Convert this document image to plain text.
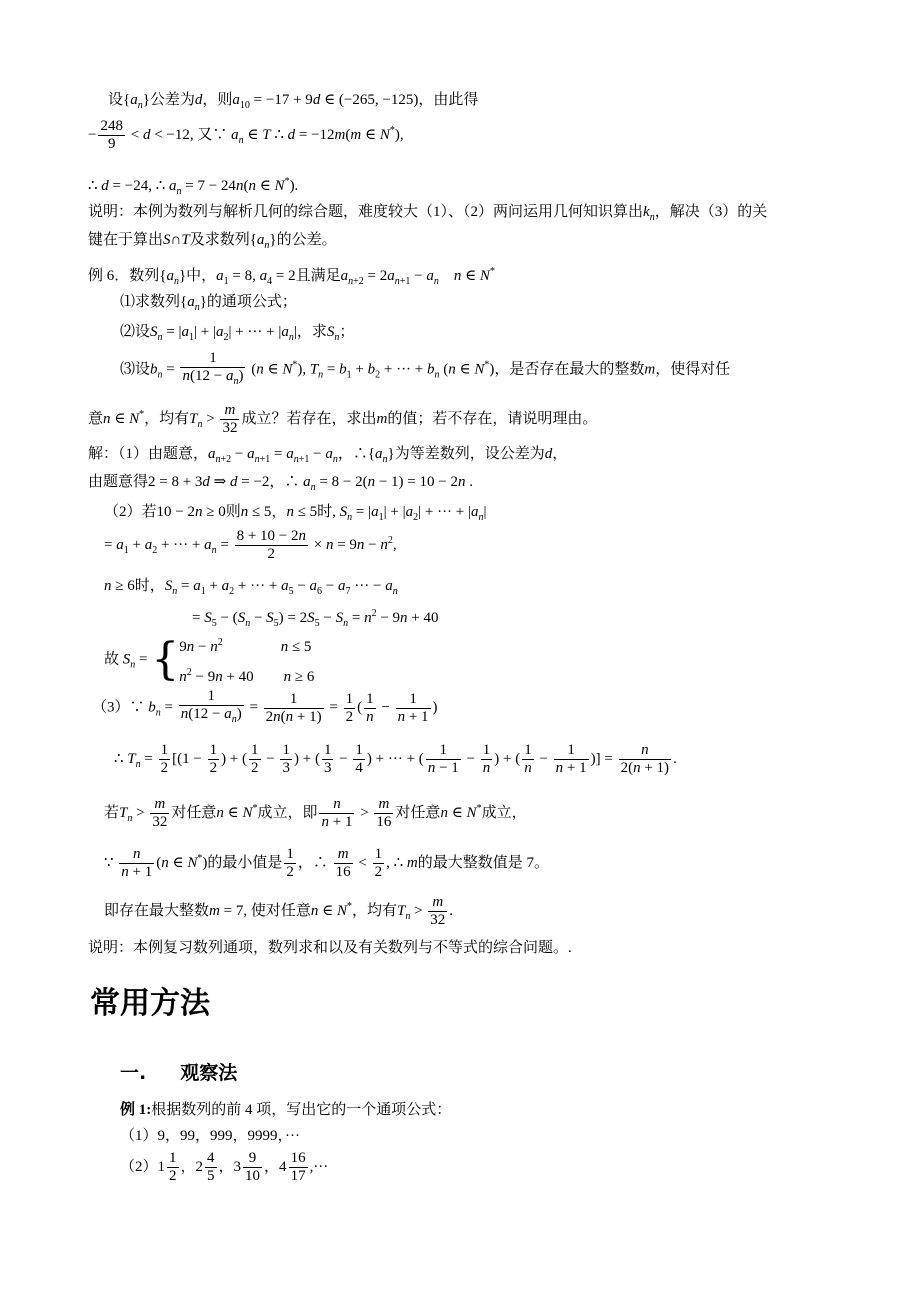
设$\{a_n\}$公差为d，则$a_{10} = -17 + 9d$ ∈ (−265, −125)，由此得
− $\frac{248}{9} < d < -12$, 又∵ $a_n$ ∈ T ∴ d = −12m(m ∈ N*),
∴ d = −24, ∴ $a_n = 7 - 24n(n$ ∈ N*).
说明：本例为数列与解析几何的综合题，难度较大（1）、（2）两问运用几何知识算出$k_n$，解决（3）的关
键在于算出S∩T及求数列$\{a_n\}$的公差。
例 6．数列$\{a_n\}$中，$a_1 = 8$, $a_4 = 2$且满足$a_{n+2} = 2a_{n+1} - a_n$ n ∈ N*
⑴求数列$\{a_n\}$的通项公式；
⑵设$S_n = |a_1| + |a_2|$ + ··· + $|a_n|$，求$S_n$；
⑶设$b_n = \frac{1}{n(12 - a_n)} (n$ ∈ N*), $T_n = b_1 + b_2$ + ··· + $b_n$ (n ∈ N*)，是否存在最大的整数m，使得对任
意n ∈ N*，均有$T_n > \frac{m}{32}$ 成立？若存在，求出m的值；若不存在，请说明理由。
解：（1）由题意，$a_{n+2} - a_{n+1} = a_{n+1} - a_n$，$\therefore\{a_n\}$为等差数列，设公差为d，
由题意得2 = 8 + 3d ⇒ d = −2，∴ $a_n = 8 - 2(n - 1) = 10 - 2n$ .
（2）若10 − 2n ≥ 0则n ≤ 5，n ≤ 5时, $S_n = |a_1| + |a_2|$ + ··· + $|a_n|$
= $a_1 + a_2$ + ··· + $a_n = \frac{8 + 10 - 2n}{2} \times n = 9n - n^2$,
n ≥ 6时，$S_n = a_1 + a_2$ + ··· + $a_5 - a_6 - a_7$ ··· − $a_n$
= $S_5 - (S_n - S_5) = 2S_5 - S_n = n^2 - 9n + 40$
故 $S_n$ = { $9n - n^2$	n ≤ 5
$n^2 - 9n + 40$ n ≥ 6
（3）∵ $b_n = \frac{1}{n(12 - a_n)} = \frac{1}{2n(n + 1)} = \frac{1}{2}$ ( $\frac{1}{n} - \frac{1}{n + 1}$ )
∴ $T_n = \frac{1}{2} [(1 - \frac{1}{2}$ ) + ( $\frac{1}{2} - \frac{1}{3}$ ) + ( $\frac{1}{3} - \frac{1}{4}$ ) + ··· + ( $\frac{1}{n - 1} - \frac{1}{n}$ ) + ( $\frac{1}{n} - \frac{1}{n + 1}$ )] = $\frac{n}{2(n + 1)}$ .
若$T_n > \frac{m}{32}$ 对任意n ∈ N*成立，即 $\frac{n}{n + 1} > \frac{m}{16}$ 对任意n ∈ N*成立，
∵ $\frac{n}{n + 1} (n$ ∈ N*)的最小值是 $\frac{1}{2}$ ，∴ $\frac{m}{16} < \frac{1}{2}$ , ∴ m的最大整数值是 7。
即存在最大整数m = 7, 使对任意n ∈ N*，均有$T_n > \frac{m}{32}$ .
说明：本例复习数列通项，数列求和以及有关数列与不等式的综合问题。.
常用方法
一. 观察法
例 1:根据数列的前 4 项，写出它的一个通项公式：
（1）9，99，999，9999，···
$(2)1 \frac{1}{2}$ ，$2 \frac{4}{5}$ ，$3 \frac{9}{10}$ ，$4 \frac{16}{17}$ ,···
